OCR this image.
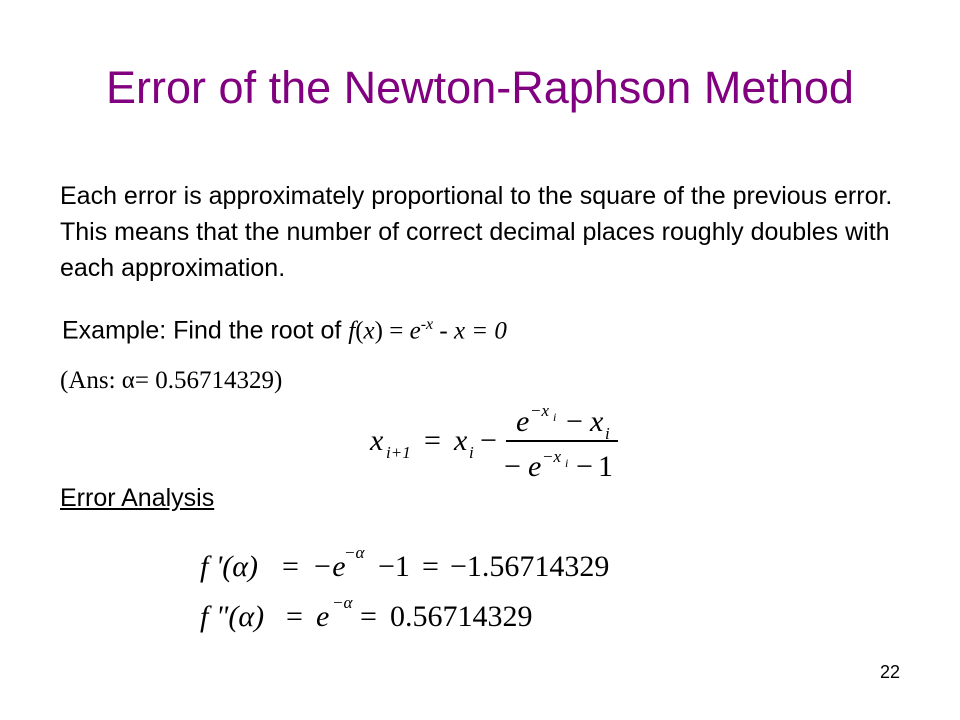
Error of the Newton-Raphson Method

Each error is approximately proportional to the square of the previous error. This means that the number of correct decimal places roughly doubles with each approximation.

Example: Find the root of $f(x) = e^{-x} - x = 0$
(Ans: α= 0.56714329)
x i+1 = x i −
e −x i − x i
− e −x i − 1
Error Analysis
f '(α) = −e
−α −1 = −1.56714329
f "(α) = e −α = 0.56714329
22
